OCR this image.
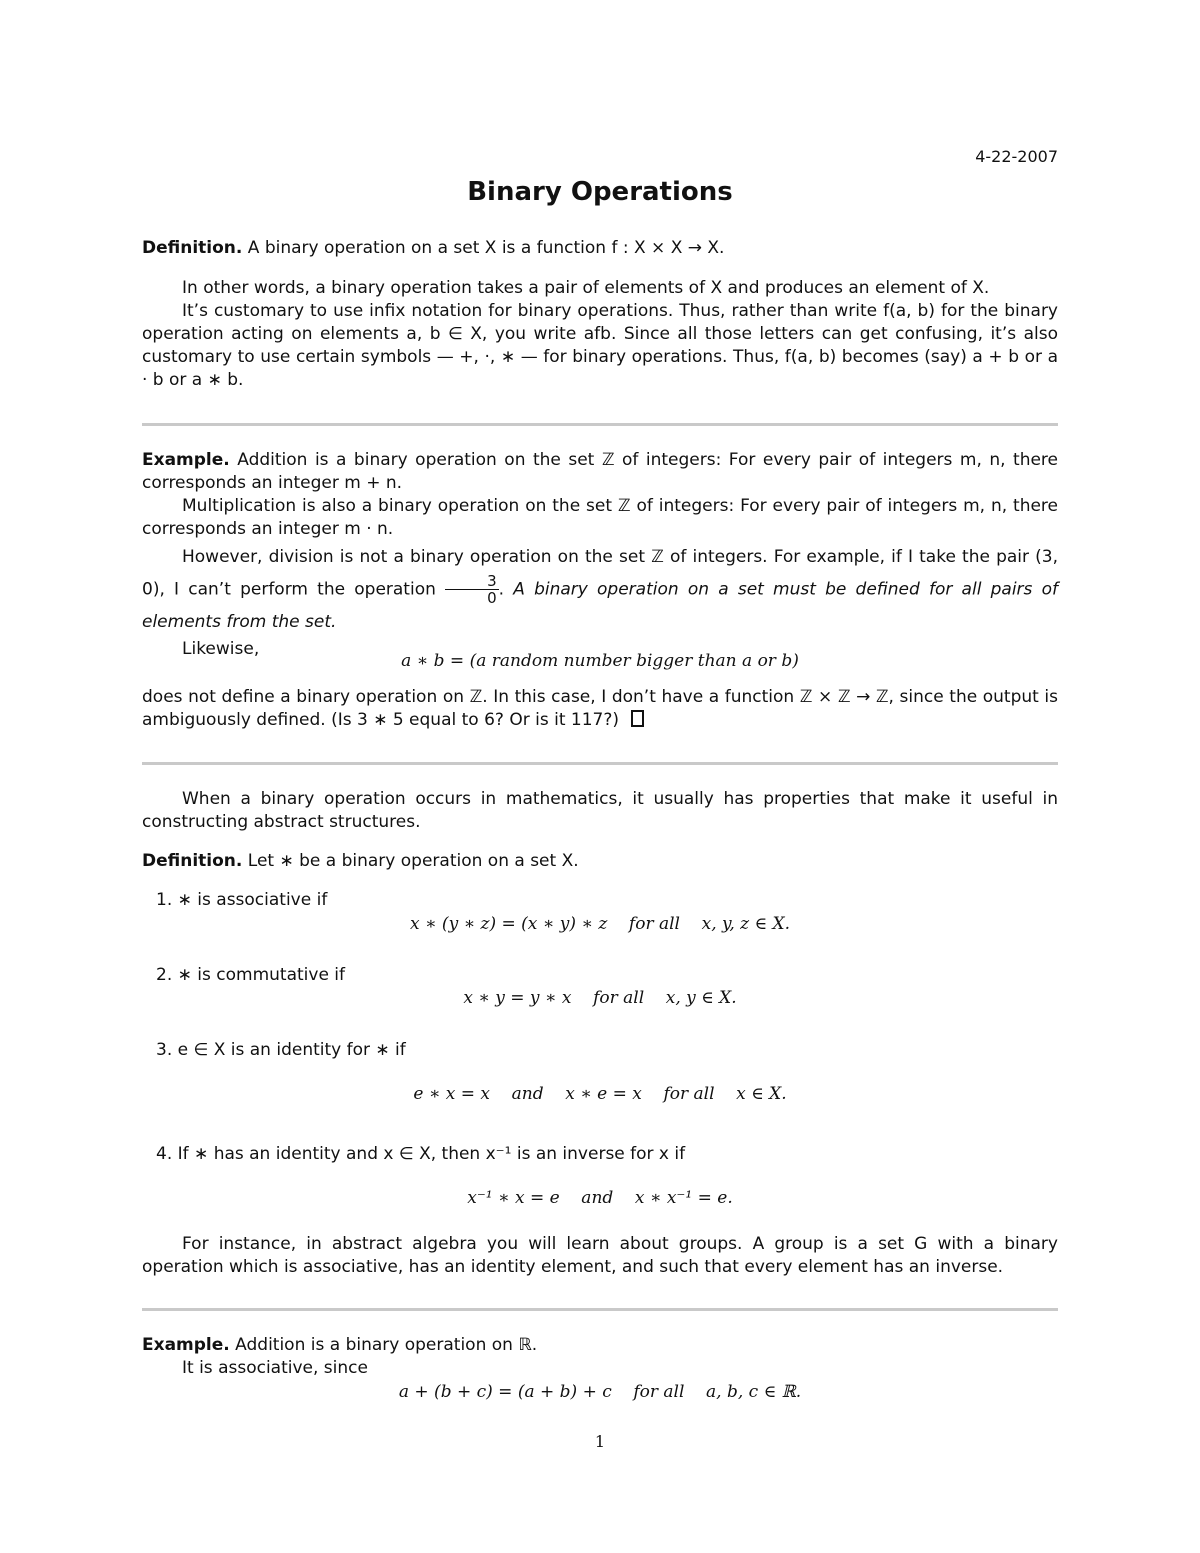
4-22-2007
Binary Operations

Definition. A binary operation on a set X is a function f : X × X → X.

In other words, a binary operation takes a pair of elements of X and produces an element of X.

It’s customary to use infix notation for binary operations. Thus, rather than write f(a, b) for the binary operation acting on elements a, b ∈ X, you write afb. Since all those letters can get confusing, it’s also customary to use certain symbols — +, ·, ∗ — for binary operations. Thus, f(a, b) becomes (say) a + b or a · b or a ∗ b.

Example. Addition is a binary operation on the set ℤ of integers: For every pair of integers m, n, there corresponds an integer m + n.

Multiplication is also a binary operation on the set ℤ of integers: For every pair of integers m, n, there corresponds an integer m · n.

However, division is not a binary operation on the set ℤ of integers. For example, if I take the pair (3, 0), I can’t perform the operation $\frac{3}{0}$ . A binary operation on a set must be defined for all pairs of elements from the set.

Likewise,

a ∗ b = (a random number bigger than a or b)

does not define a binary operation on ℤ. In this case, I don’t have a function ℤ × ℤ → ℤ, since the output is ambiguously defined. (Is 3 ∗ 5 equal to 6? Or is it 117?)

When a binary operation occurs in mathematics, it usually has properties that make it useful in constructing abstract structures.

Definition. Let ∗ be a binary operation on a set X.

1. ∗ is associative if
x ∗ (y ∗ z) = (x ∗ y) ∗ z    for all    x, y, z ∈ X.
2. ∗ is commutative if
x ∗ y = y ∗ x    for all    x, y ∈ X.
3. e ∈ X is an identity for ∗ if
e ∗ x = x    and    x ∗ e = x    for all    x ∈ X.
4. If ∗ has an identity and x ∈ X, then x⁻¹ is an inverse for x if
x⁻¹ ∗ x = e    and    x ∗ x⁻¹ = e.

For instance, in abstract algebra you will learn about groups. A group is a set G with a binary operation which is associative, has an identity element, and such that every element has an inverse.

Example. Addition is a binary operation on ℝ.

It is associative, since

a + (b + c) = (a + b) + c    for all    a, b, c ∈ ℝ.
1
